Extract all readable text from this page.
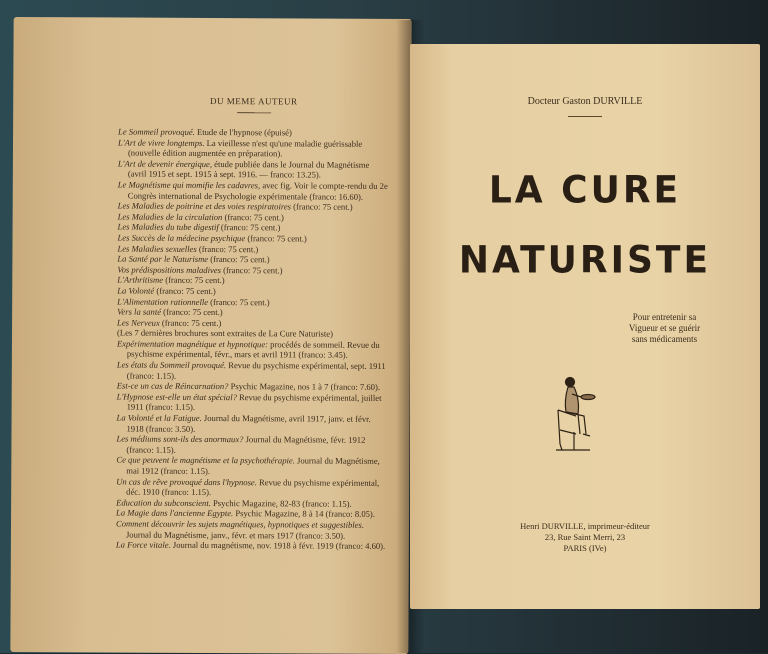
DU MEME AUTEUR
Le Sommeil provoqué. Etude de l'hypnose (épuisé)
L'Art de vivre longtemps. La vieillesse n'est qu'une maladie guérissable (nouvelle édition augmentée en préparation).
L'Art de devenir énergique, étude publiée dans le Journal du Magnétisme (avril 1915 et sept. 1915 à sept. 1916. — franco: 13.25).
Le Magnétisme qui momifie les cadavres, avec fig. Voir le compte-rendu du 2e Congrès international de Psychologie expérimentale (franco: 16.60).
Les Maladies de poitrine et des voies respiratoires (franco: 75 cent.)
Les Maladies de la circulation (franco: 75 cent.)
Les Maladies du tube digestif (franco: 75 cent.)
Les Succès de la médecine psychique (franco: 75 cent.)
Les Maladies sexuelles (franco: 75 cent.)
La Santé par le Naturisme (franco: 75 cent.)
Vos prédispositions maladives (franco: 75 cent.)
L'Arthritisme (franco: 75 cent.)
La Volonté (franco: 75 cent.)
L'Alimentation rationnelle (franco: 75 cent.)
Vers la santé (franco: 75 cent.)
Les Nerveux (franco: 75 cent.)
(Les 7 dernières brochures sont extraites de La Cure Naturiste)
Expérimentation magnétique et hypnotique: procédés de sommeil. Revue du psychisme expérimental, févr., mars et avril 1911 (franco: 3.45).
Les états du Sommeil provoqué. Revue du psychisme expérimental, sept. 1911 (franco: 1.15).
Est-ce un cas de Réincarnation? Psychic Magazine, nos 1 à 7 (franco: 7.60).
L'Hypnose est-elle un état spécial? Revue du psychisme expérimental, juillet 1911 (franco: 1.15).
La Volonté et la Fatigue. Journal du Magnétisme, avril 1917, janv. et févr. 1918 (franco: 3.50).
Les médiums sont-ils des anormaux? Journal du Magnétisme, févr. 1912 (franco: 1.15).
Ce que peuvent le magnétisme et la psychothérapie. Journal du Magnétisme, mai 1912 (franco: 1.15).
Un cas de rêve provoqué dans l'hypnose. Revue du psychisme expérimental, déc. 1910 (franco: 1.15).
Education du subconscient. Psychic Magazine, 82-83 (franco: 1.15).
La Magie dans l'ancienne Egypte. Psychic Magazine, 8 à 14 (franco: 8.05).
Comment découvrir les sujets magnétiques, hypnotiques et suggestibles. Journal du Magnétisme, janv., févr. et mars 1917 (franco: 3.50).
La Force vitale. Journal du magnétisme, nov. 1918 à févr. 1919 (franco: 4.60).
Docteur Gaston DURVILLE
LA CURE
NATURISTE
Pour entretenir sa
Vigueur et se guérir
sans médicaments
Henri DURVILLE, imprimeur-éditeur
23, Rue Saint Merri, 23
PARIS (IVe)
